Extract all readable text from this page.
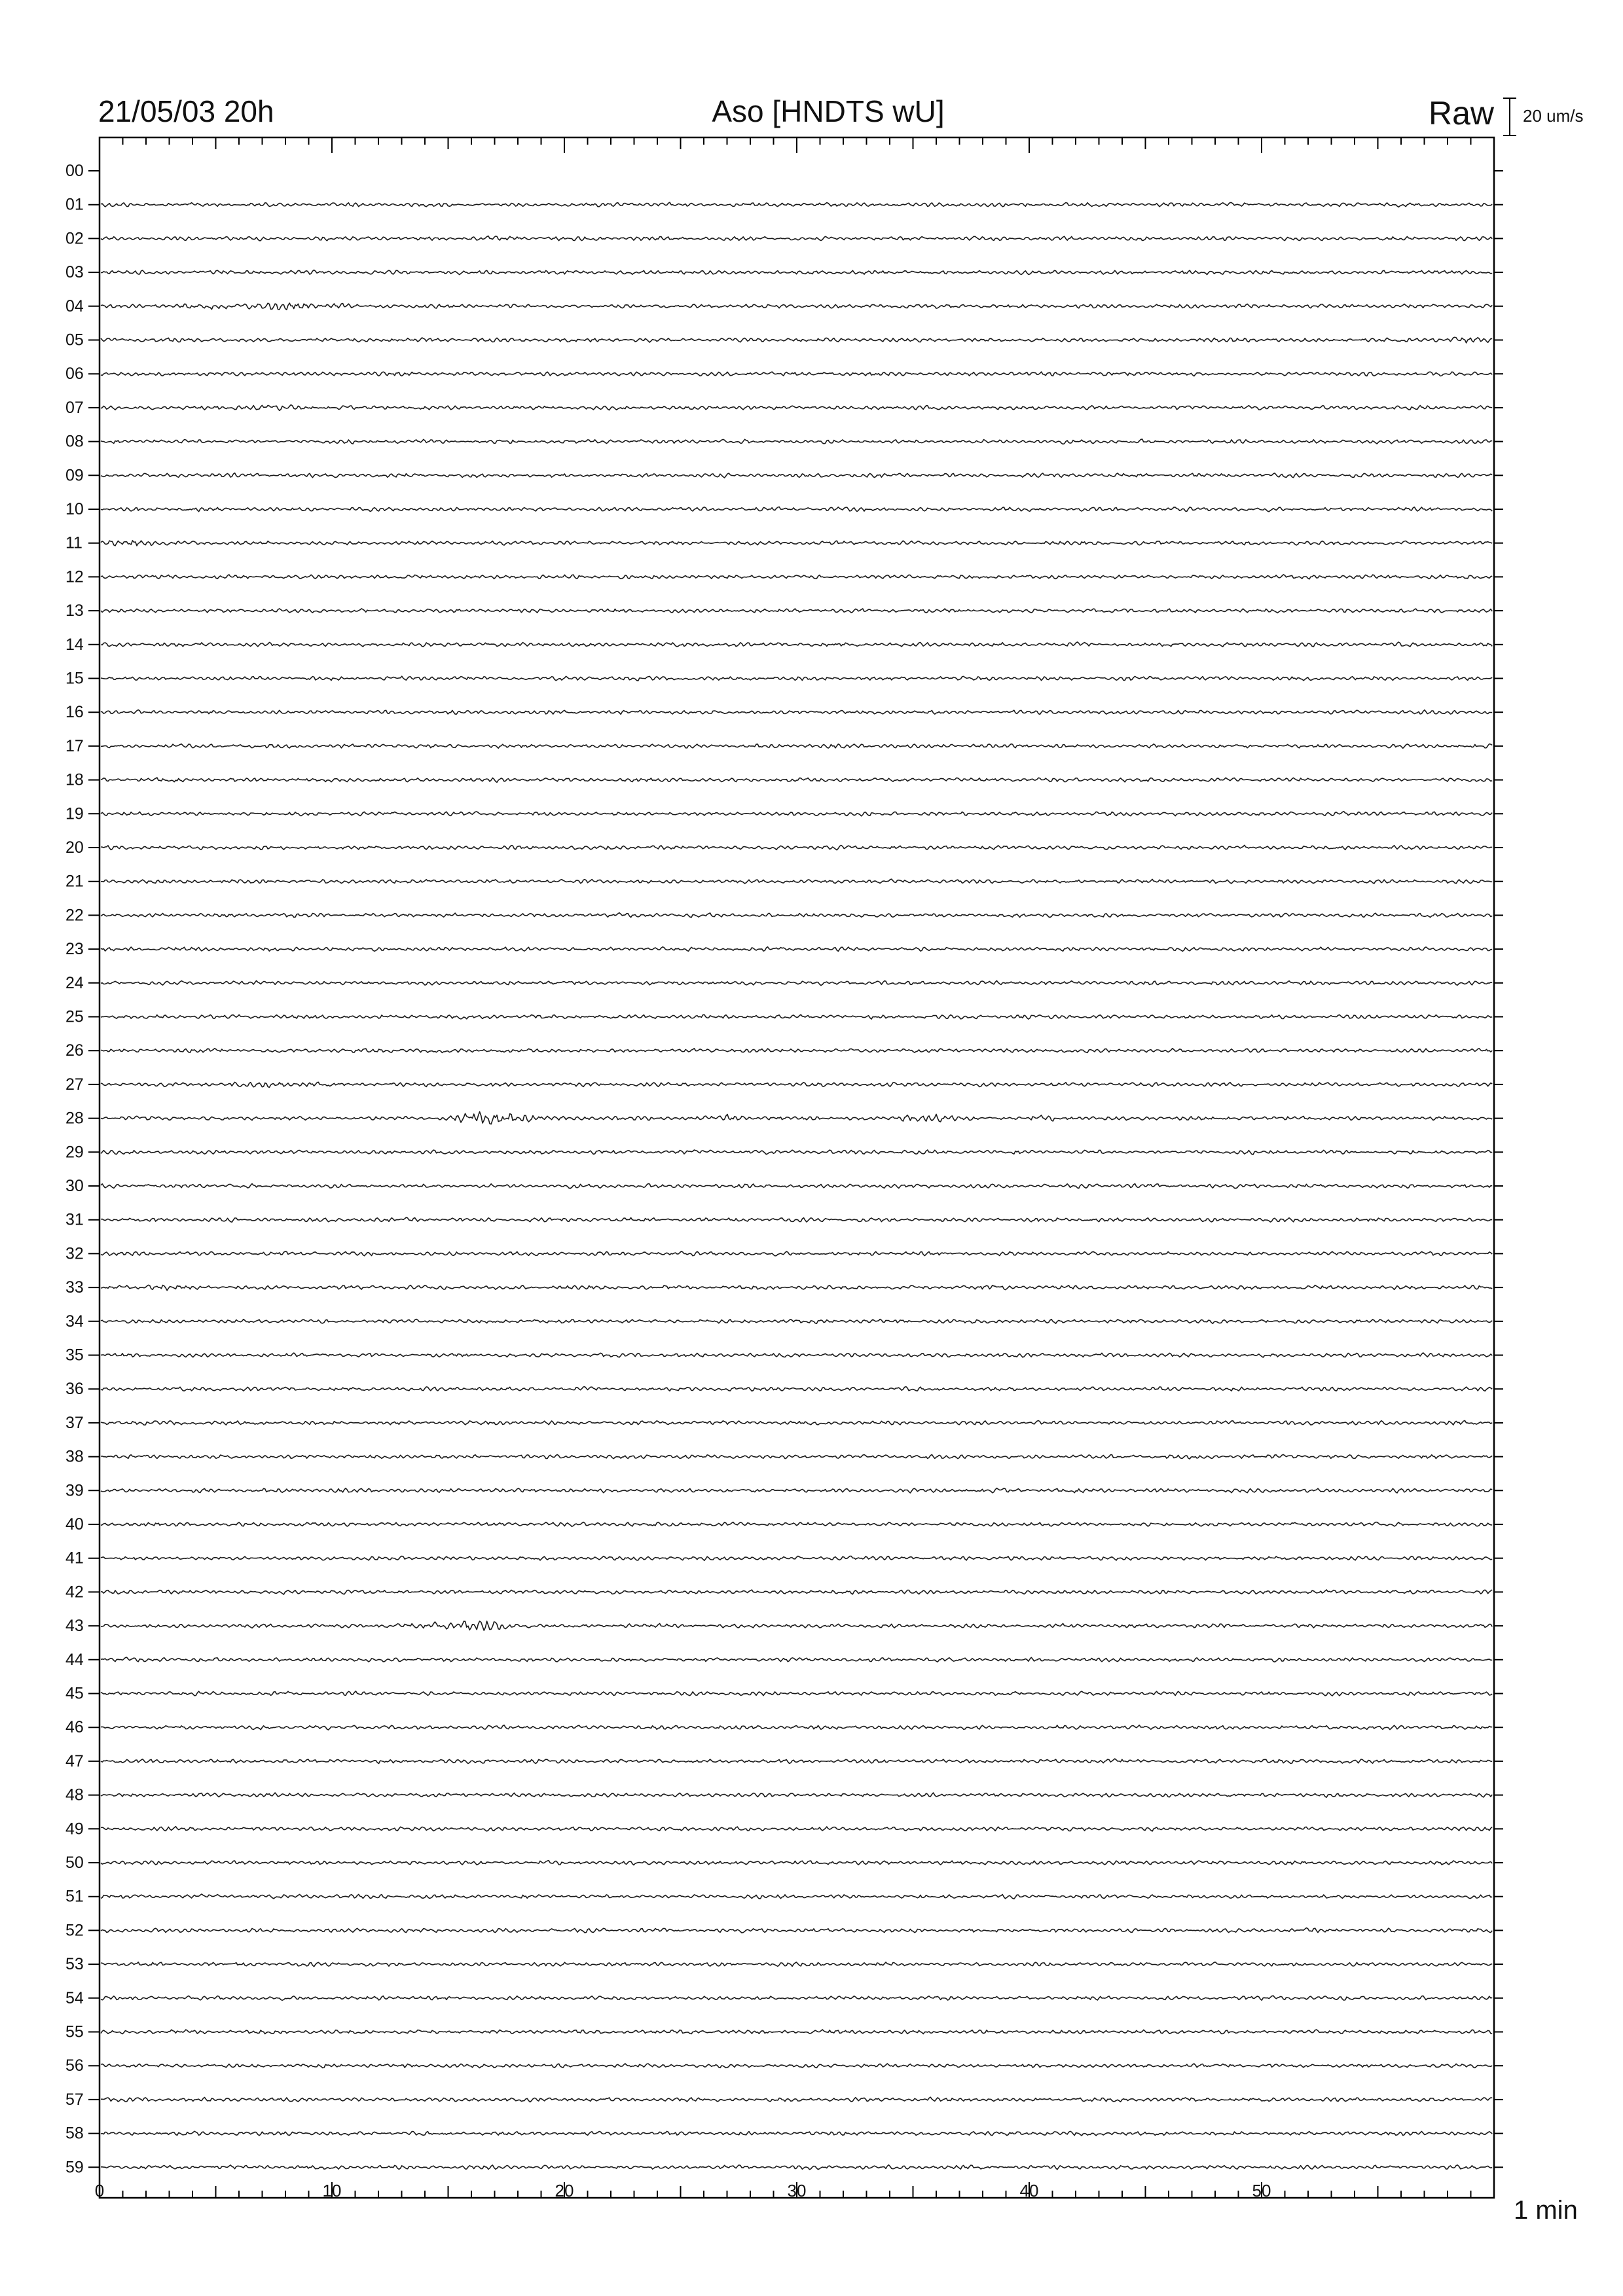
21/05/03 20h	Aso [HNDTS wU]	Raw 20 um/s
0	10	20	30	40	50
00
01
02
03
04
05
06
07
08
09
10
11
12
13
14
15
16
17
18
19
20
21
22
23
24
25
26
27
28
29
30
31
32
33
34
35
36
37
38
39
40
41
42
43
44
45
46
47
48
49
50
51
52
53
54
55
56
57
58
59
1 min
